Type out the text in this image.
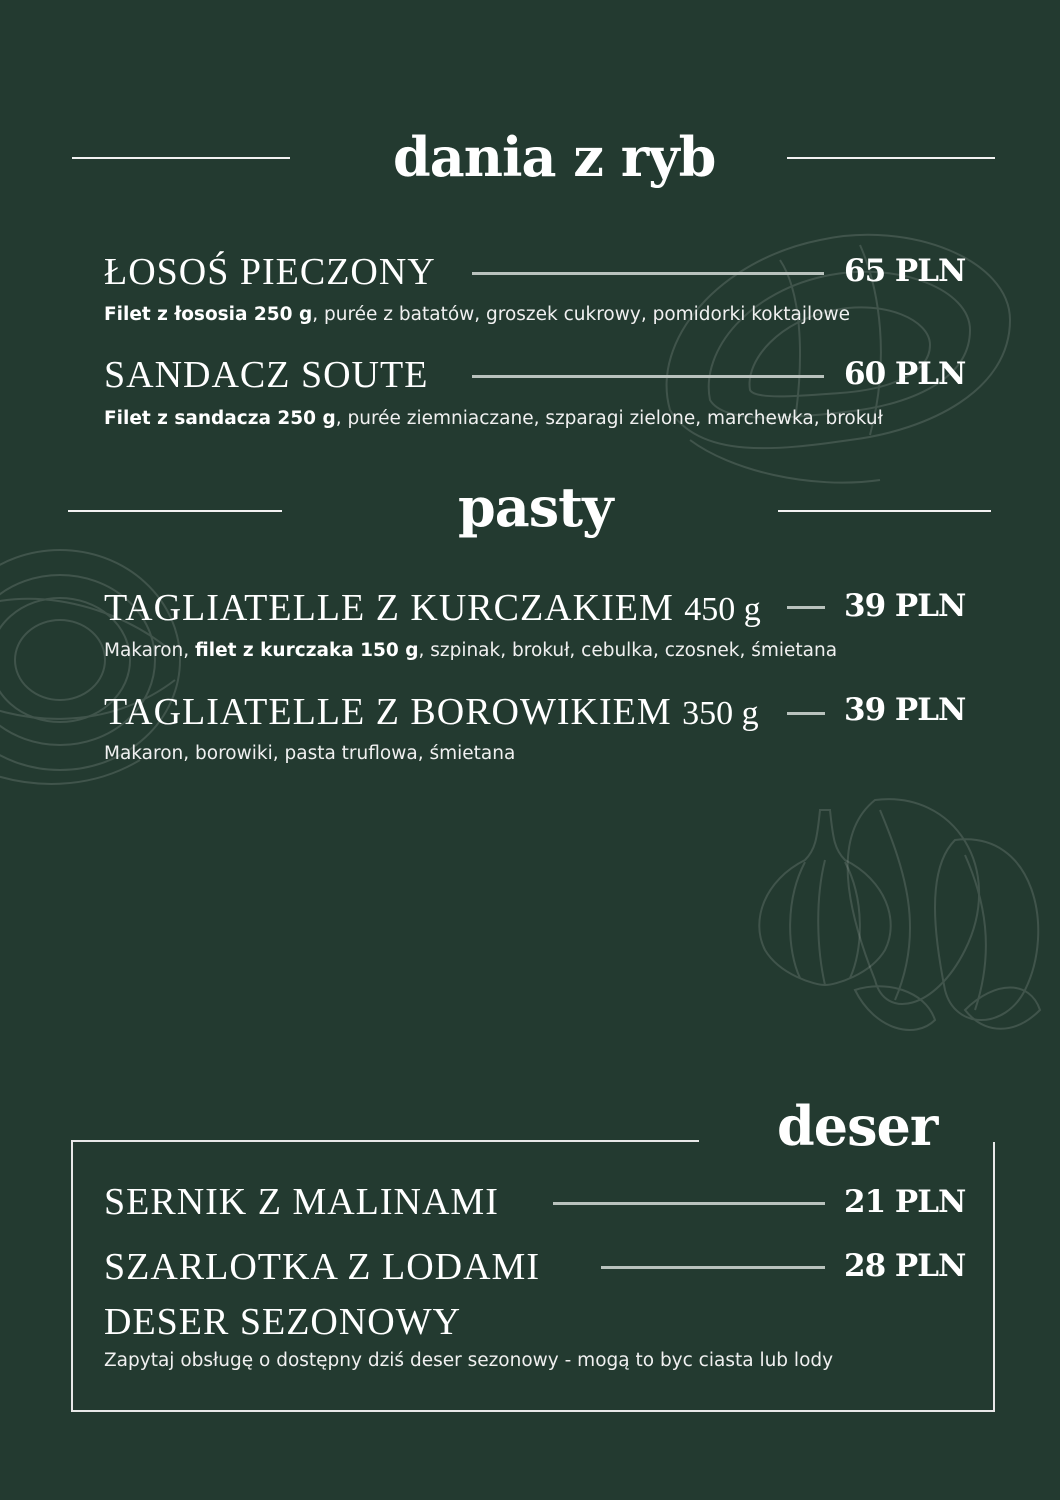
dania z ryb
ŁOSOŚ PIECZONY	65 PLN
Filet z łososia 250 g, purée z batatów, groszek cukrowy, pomidorki koktajlowe
SANDACZ SOUTE	60 PLN
Filet z sandacza 250 g, purée ziemniaczane, szparagi zielone, marchewka, brokuł
pasty
TAGLIATELLE Z KURCZAKIEM 450 g	39 PLN
Makaron, filet z kurczaka 150 g, szpinak, brokuł, cebulka, czosnek, śmietana
TAGLIATELLE Z BOROWIKIEM 350 g	39 PLN
Makaron, borowiki, pasta truflowa, śmietana
deser
SERNIK Z MALINAMI	21 PLN
SZARLOTKA Z LODAMI	28 PLN
DESER SEZONOWY
Zapytaj obsługę o dostępny dziś deser sezonowy - mogą to byc ciasta lub lody
